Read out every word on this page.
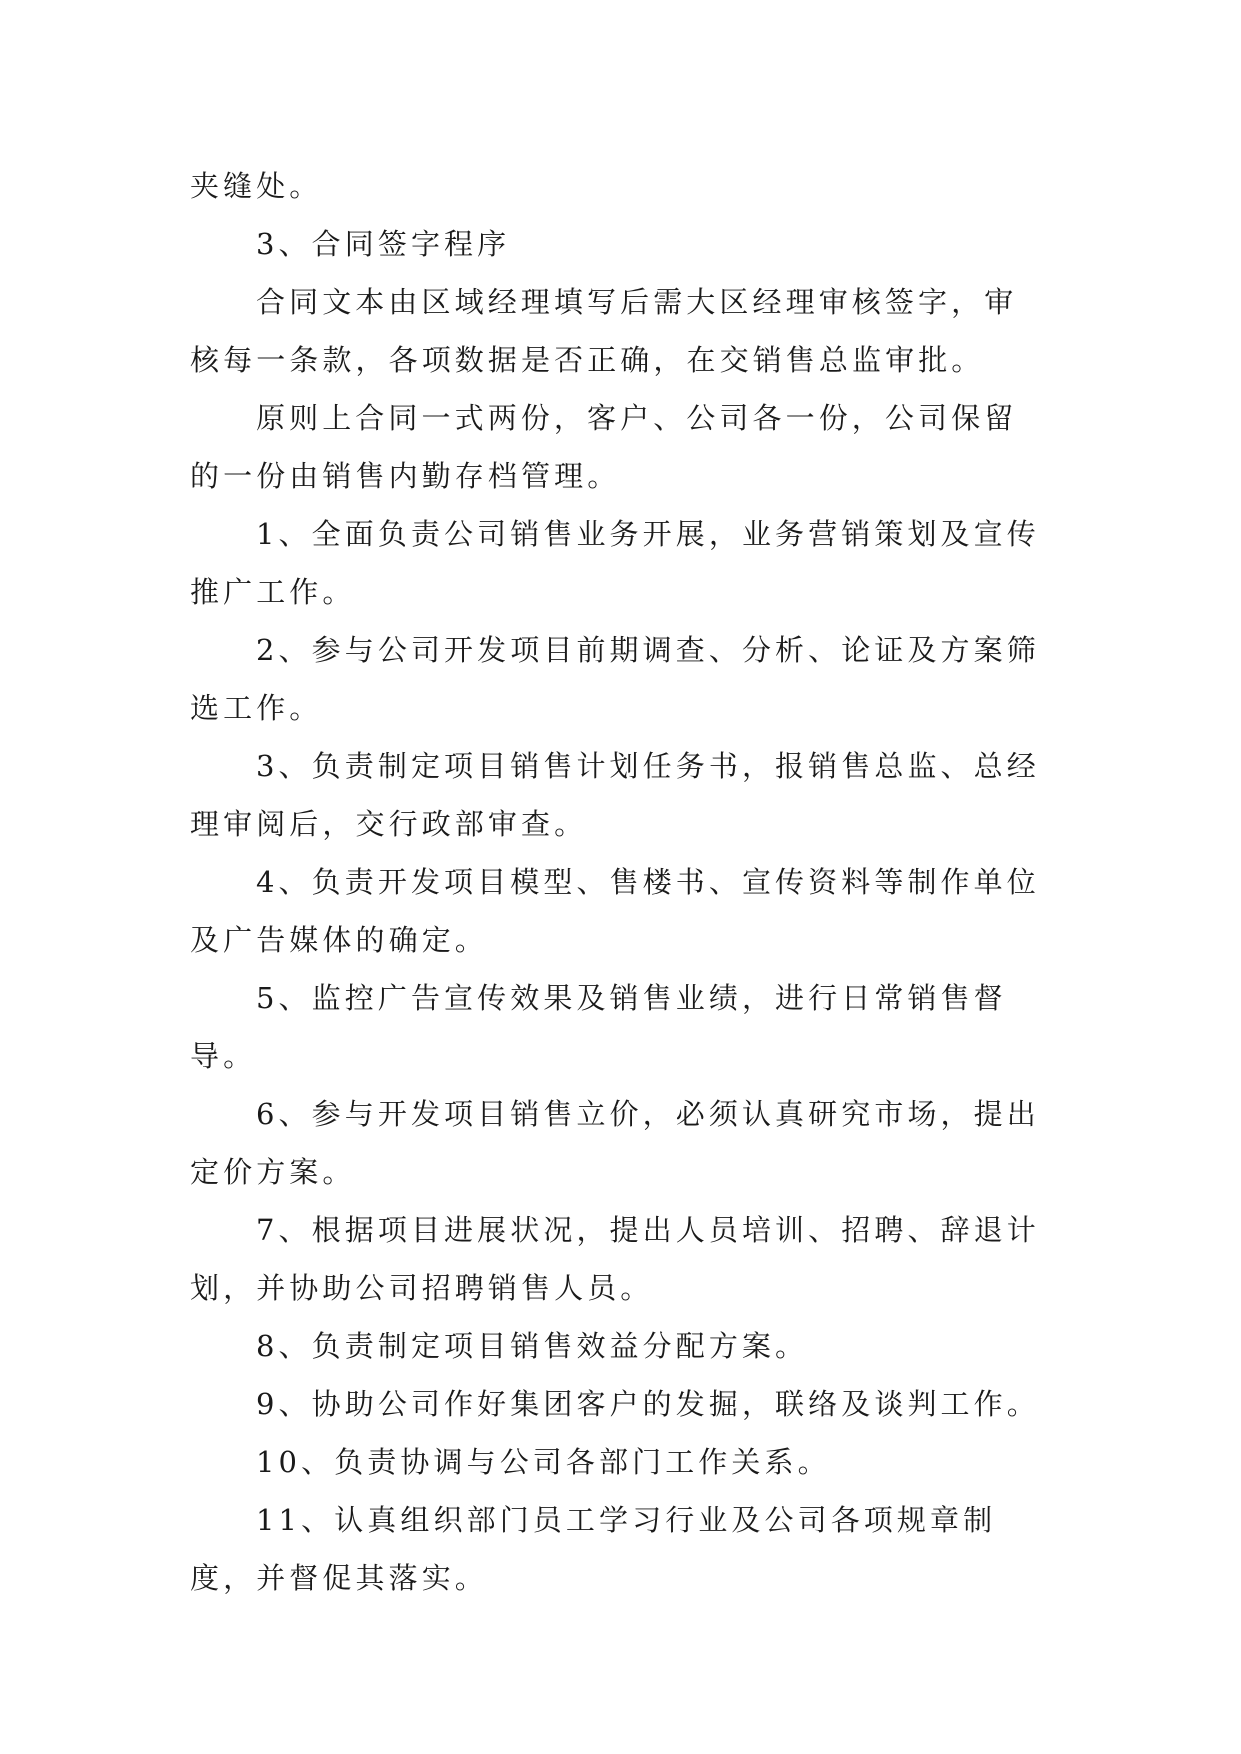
夹缝处。

3、合同签字程序

合同文本由区域经理填写后需大区经理审核签字，审核每一条款，各项数据是否正确，在交销售总监审批。

原则上合同一式两份，客户、公司各一份，公司保留的一份由销售内勤存档管理。

1、全面负责公司销售业务开展，业务营销策划及宣传推广工作。

2、参与公司开发项目前期调查、分析、论证及方案筛选工作。

3、负责制定项目销售计划任务书，报销售总监、总经理审阅后，交行政部审查。

4、负责开发项目模型、售楼书、宣传资料等制作单位及广告媒体的确定。

5、监控广告宣传效果及销售业绩，进行日常销售督导。

6、参与开发项目销售立价，必须认真研究市场，提出定价方案。

7、根据项目进展状况，提出人员培训、招聘、辞退计划，并协助公司招聘销售人员。

8、负责制定项目销售效益分配方案。

9、协助公司作好集团客户的发掘，联络及谈判工作。

10、负责协调与公司各部门工作关系。

11、认真组织部门员工学习行业及公司各项规章制度，并督促其落实。
